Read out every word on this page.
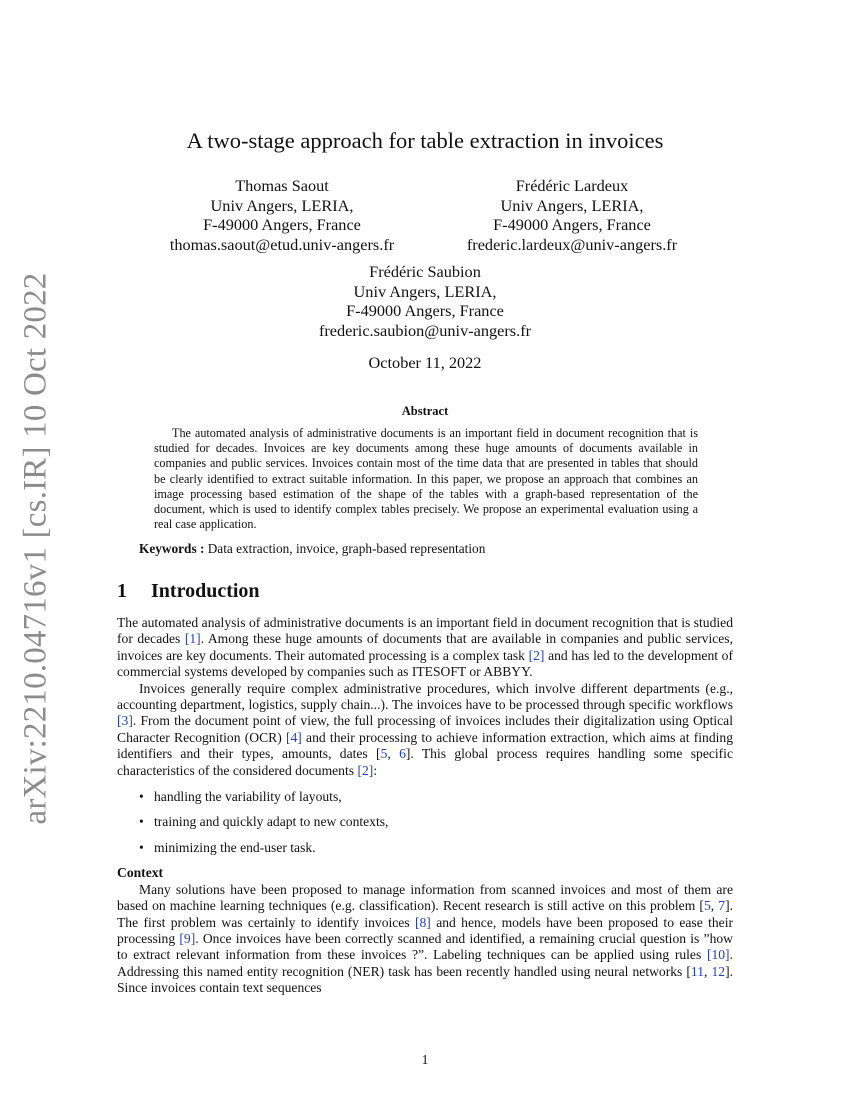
arXiv:2210.04716v1 [cs.IR] 10 Oct 2022
A two-stage approach for table extraction in invoices
Thomas Saout
Univ Angers, LERIA,
F-49000 Angers, France
thomas.saout@etud.univ-angers.fr
Frédéric Lardeux
Univ Angers, LERIA,
F-49000 Angers, France
frederic.lardeux@univ-angers.fr
Frédéric Saubion
Univ Angers, LERIA,
F-49000 Angers, France
frederic.saubion@univ-angers.fr
October 11, 2022
Abstract

The automated analysis of administrative documents is an important field in document recognition that is studied for decades. Invoices are key documents among these huge amounts of documents available in companies and public services. Invoices contain most of the time data that are presented in tables that should be clearly identified to extract suitable information. In this paper, we propose an approach that combines an image processing based estimation of the shape of the tables with a graph-based representation of the document, which is used to identify complex tables precisely. We propose an experimental evaluation using a real case application.

Keywords : Data extraction, invoice, graph-based representation
1 Introduction

The automated analysis of administrative documents is an important field in document recognition that is studied for decades [1]. Among these huge amounts of documents that are available in companies and public services, invoices are key documents. Their automated processing is a complex task [2] and has led to the development of commercial systems developed by companies such as ITESOFT or ABBYY.

Invoices generally require complex administrative procedures, which involve different departments (e.g., accounting department, logistics, supply chain...). The invoices have to be processed through specific workflows [3]. From the document point of view, the full processing of invoices includes their digitalization using Optical Character Recognition (OCR) [4] and their processing to achieve information extraction, which aims at finding identifiers and their types, amounts, dates [5, 6]. This global process requires handling some specific characteristics of the considered documents [2]:

• handling the variability of layouts,
• training and quickly adapt to new contexts,
• minimizing the end-user task.

Context

Many solutions have been proposed to manage information from scanned invoices and most of them are based on machine learning techniques (e.g. classification). Recent research is still active on this problem [5, 7]. The first problem was certainly to identify invoices [8] and hence, models have been proposed to ease their processing [9]. Once invoices have been correctly scanned and identified, a remaining crucial question is ”how to extract relevant information from these invoices ?”. Labeling techniques can be applied using rules [10]. Addressing this named entity recognition (NER) task has been recently handled using neural networks [11, 12]. Since invoices contain text sequences

1
